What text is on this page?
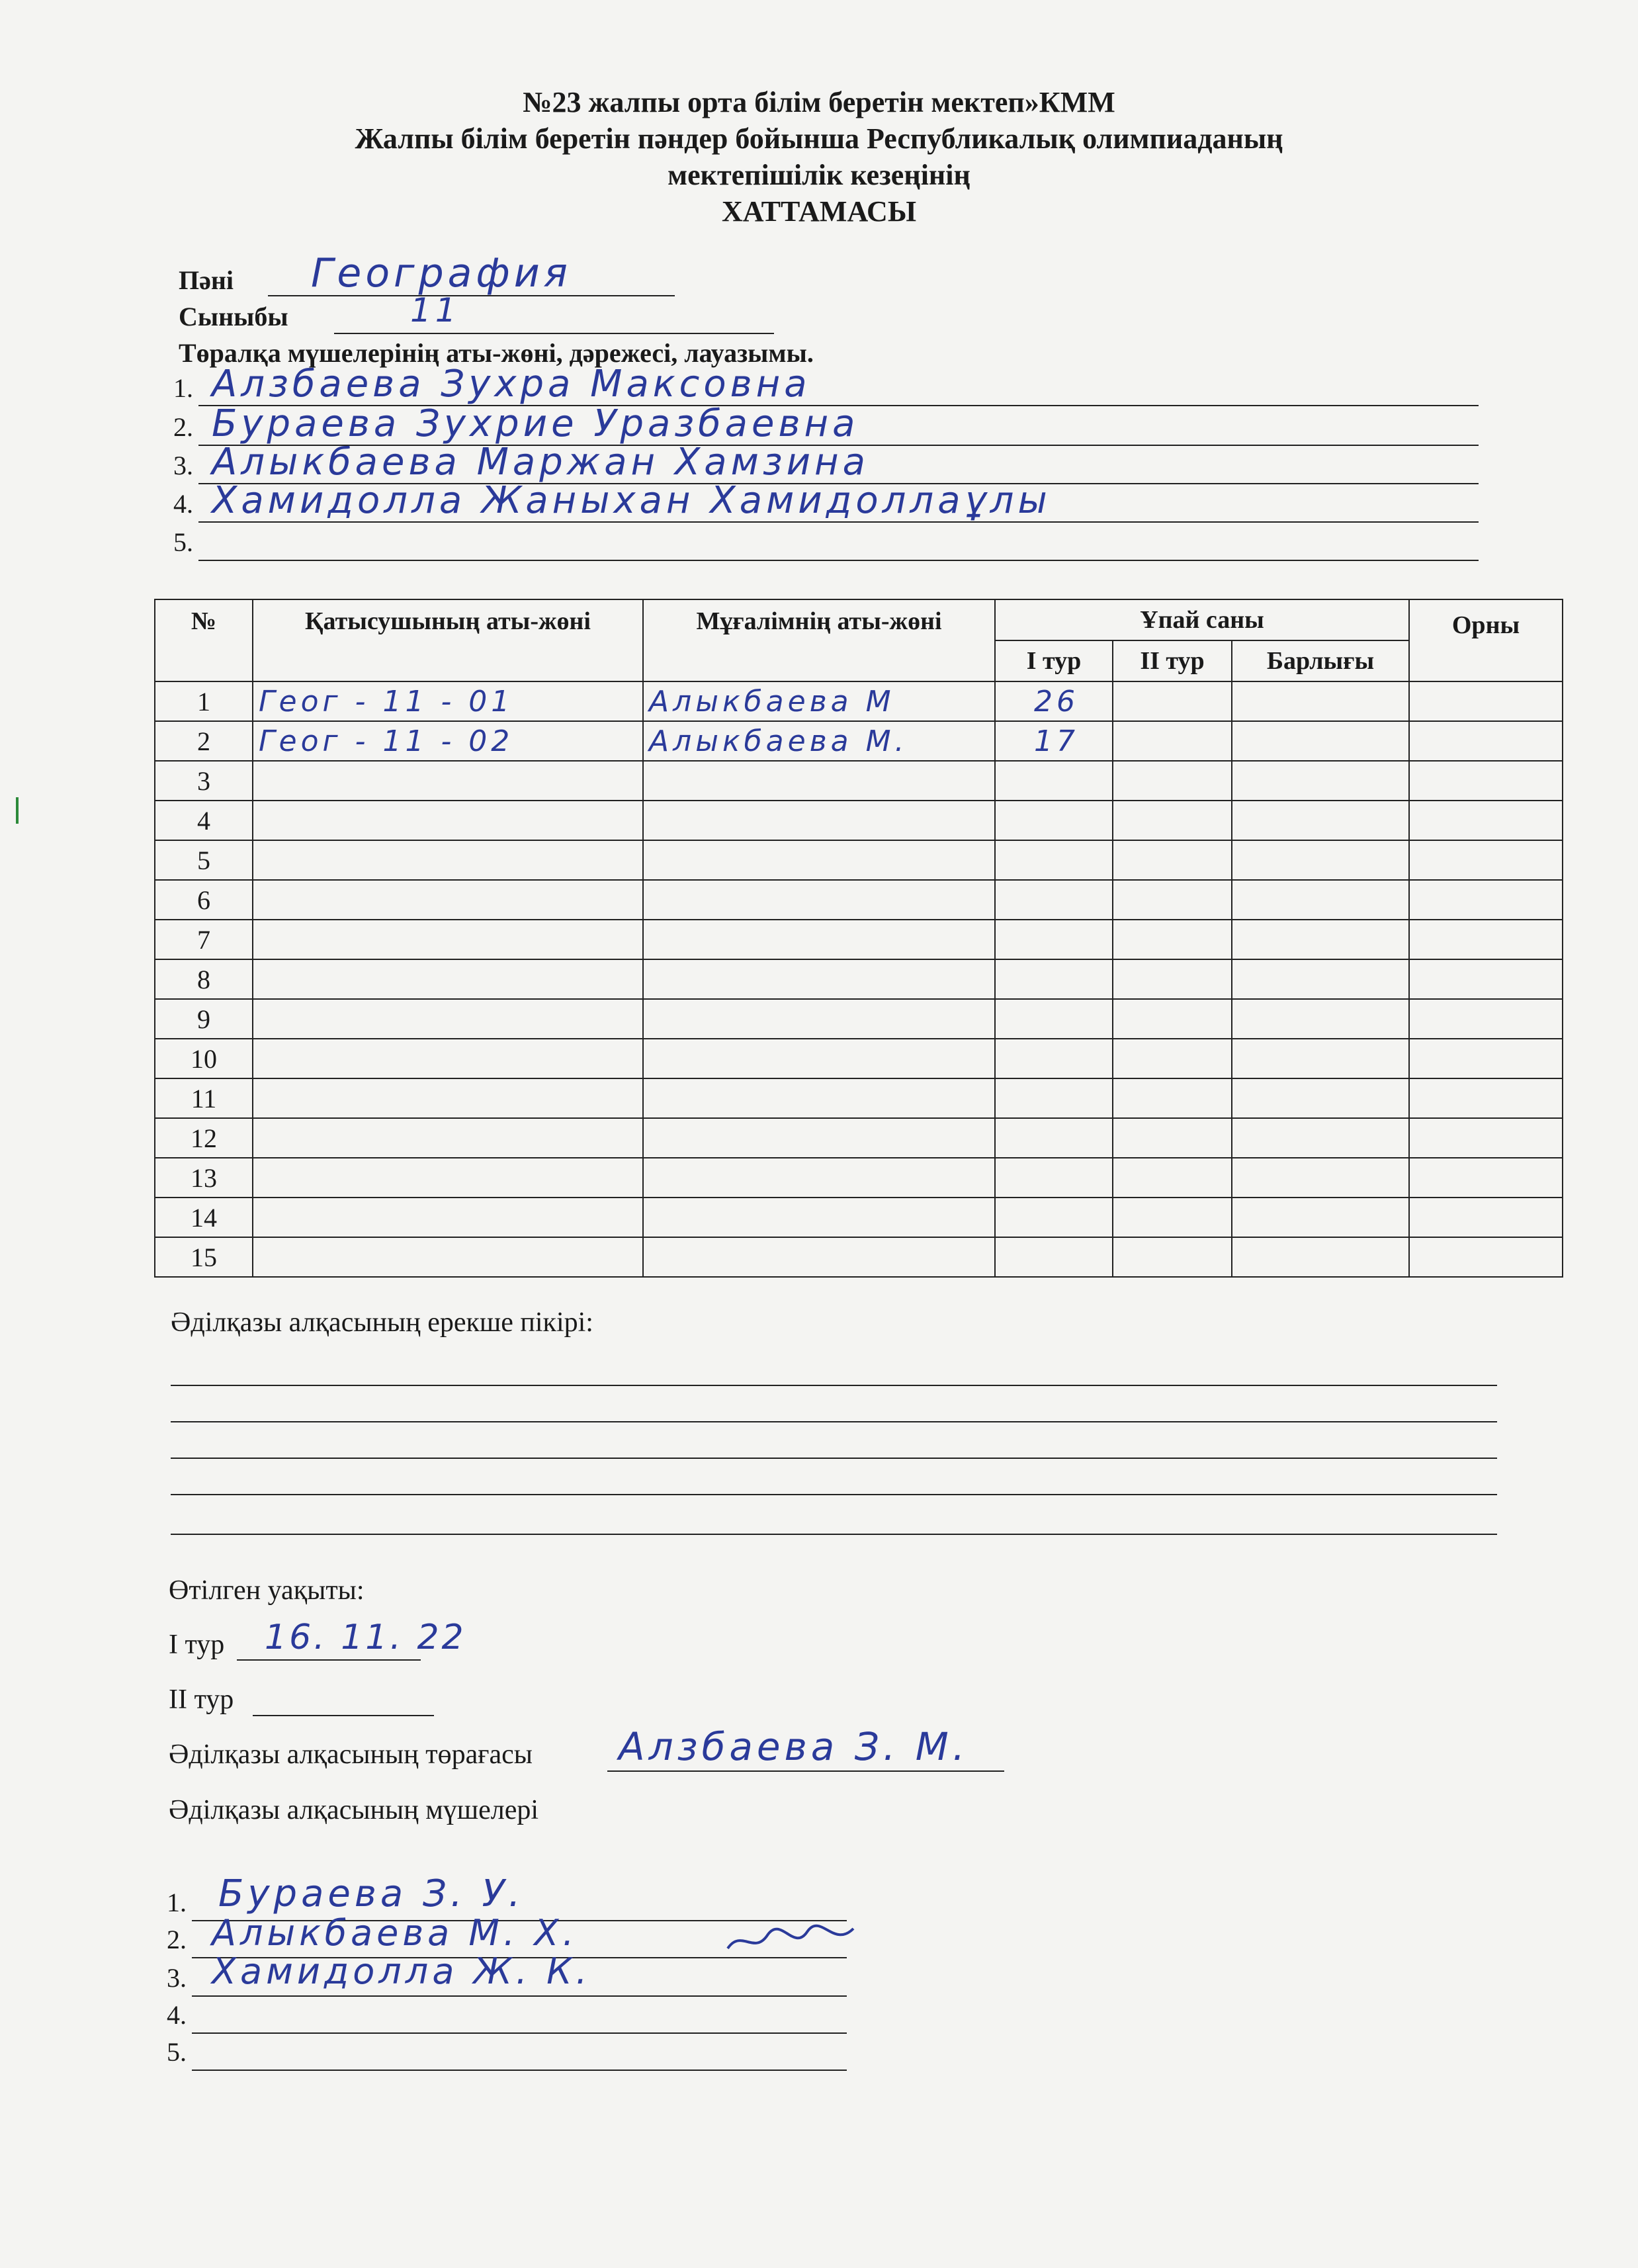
№23 жалпы орта білім беретін мектеп»КММ
Жалпы білім беретін пәндер бойынша Республикалық олимпиаданың
мектепішілік кезеңінің
ХАТТАМАСЫ
Пәні География
Сыныбы	11
Төралқа мүшелерінің аты-жөні, дәрежесі, лауазымы.
1. Алзбаева Зухра Максовна
2. Бураева Зухрие Уразбаевна
3. Алыкбаева Маржан Хамзина
4. Хамидолла Жаныхан Хамидоллаұлы
5.
№	Қатысушының аты-жөні	Мұғалімнің аты-жөні	Ұпай саны			Орны
			І тур	ІІ тур	Барлығы	
1	Геог - 11 - 01	Алыкбаева М	26			
2	Геог - 11 - 02	Алыкбаева М.	17			
3						
4						
5						
6						
7						
8						
9						
10						
11						
12						
13						
14						
15						
Әділқазы алқасының ерекше пікірі:
Өтілген уақыты:
І тур 16. 11. 22
ІІ тур
Әділқазы алқасының төрағасы Алзбаева З. М.
Әділқазы алқасының мүшелері
1. Бураева З. У.
2. Алыкбаева М. Х.
3. Хамидолла Ж. К.
4.
5.
